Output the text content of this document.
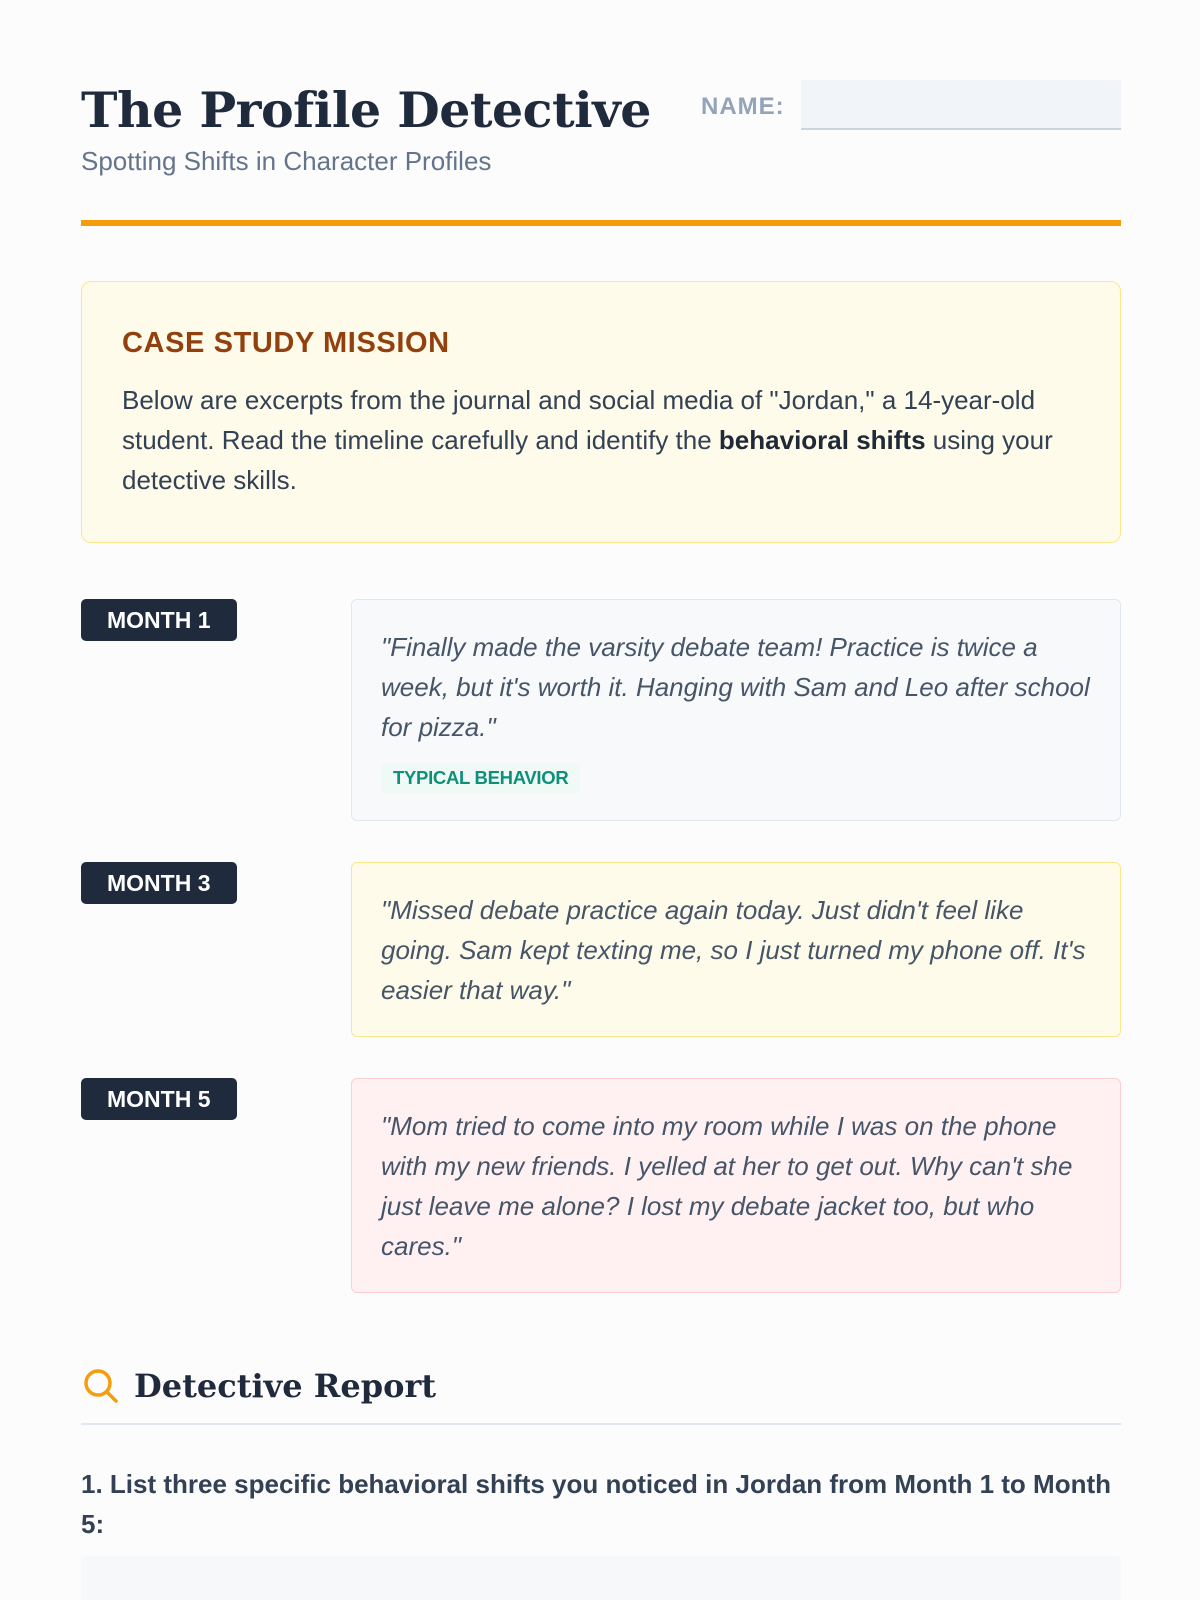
The Profile Detective
Spotting Shifts in Character Profiles
NAME:
CASE STUDY MISSION

Below are excerpts from the journal and social media of "Jordan," a 14-year-old student. Read the timeline carefully and identify the behavioral shifts using your detective skills.

MONTH 1

"Finally made the varsity debate team! Practice is twice a week, but it's worth it. Hanging with Sam and Leo after school for pizza."

TYPICAL BEHAVIOR
MONTH 3

"Missed debate practice again today. Just didn't feel like going. Sam kept texting me, so I just turned my phone off. It's easier that way."

MONTH 5

"Mom tried to come into my room while I was on the phone with my new friends. I yelled at her to get out. Why can't she just leave me alone? I lost my debate jacket too, but who cares."

Detective Report

1. List three specific behavioral shifts you noticed in Jordan from Month 1 to Month 5:
